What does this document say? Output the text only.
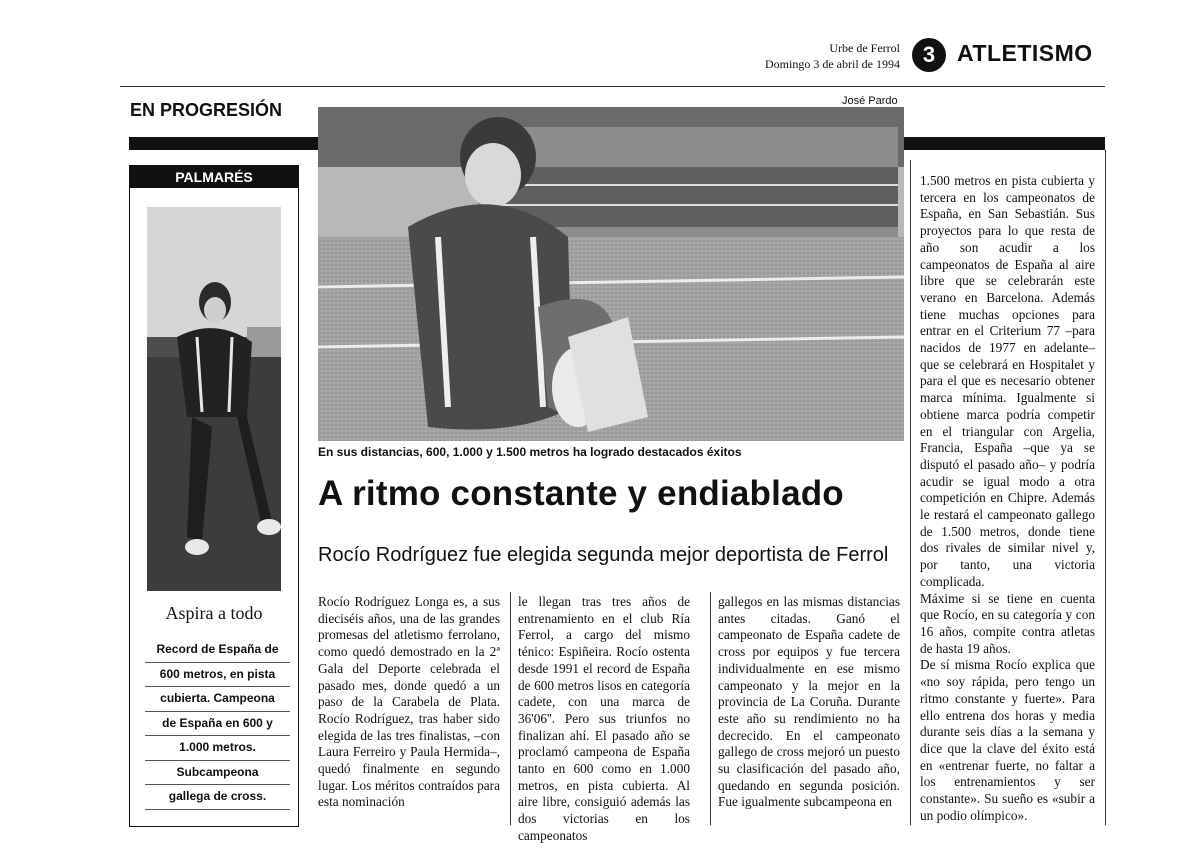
Urbe de Ferrol
Domingo 3 de abril de 1994	3 ATLETISMO
EN PROGRESIÓN	José Pardo
En sus distancias, 600, 1.000 y 1.500 metros ha logrado destacados éxitos
PALMARÉS
Aspira a todo
Record de España de
600 metros, en pista
cubierta. Campeona
de España en 600 y
1.000 metros.
Subcampeona
gallega de cross.
A ritmo constante y endiablado
Rocío Rodríguez fue elegida segunda mejor deportista de Ferrol

Rocío Rodríguez Longa es, a sus dieciséis años, una de las grandes promesas del atletismo ferrolano, como quedó demostrado en la 2ª Gala del Deporte celebrada el pasado mes, donde quedó a un paso de la Carabela de Plata. Rocío Rodríguez, tras haber sido elegida de las tres finalistas, –con Laura Ferreiro y Paula Hermida–, quedó finalmente en segundo lugar. Los méritos contraídos para esta nominación

le llegan tras tres años de entrenamiento en el club Ría Ferrol, a cargo del mismo ténico: Espiñeira. Rocío ostenta desde 1991 el record de España de 600 metros lisos en categoría cadete, con una marca de 36'06''. Pero sus triunfos no finalizan ahí. El pasado año se proclamó campeona de España tanto en 600 como en 1.000 metros, en pista cubierta. Al aire libre, consiguió además las dos victorias en los campeonatos

gallegos en las mismas distancias antes citadas. Ganó el campeonato de España cadete de cross por equipos y fue tercera individualmente en ese mismo campeonato y la mejor en la provincia de La Coruña. Durante este año su rendimiento no ha decrecido. En el campeonato gallego de cross mejoró un puesto su clasificación del pasado año, quedando en segunda posición. Fue igualmente subcampeona en

1.500 metros en pista cubierta y tercera en los campeonatos de España, en San Sebastián. Sus proyectos para lo que resta de año son acudir a los campeonatos de España al aire libre que se celebrarán este verano en Barcelona. Además tiene muchas opciones para entrar en el Criterium 77 –para nacidos de 1977 en adelante– que se celebrará en Hospitalet y para el que es necesario obtener marca mínima. Igualmente si obtiene marca podría competir en el triangular con Argelia, Francia, España –que ya se disputó el pasado año– y podría acudir se igual modo a otra competición en Chipre. Además le restará el campeonato gallego de 1.500 metros, donde tiene dos rivales de similar nivel y, por tanto, una victoria complicada.

Máxime si se tiene en cuenta que Rocío, en su categoría y con 16 años, compite contra atletas de hasta 19 años.

De sí misma Rocío explica que «no soy rápida, pero tengo un ritmo constante y fuerte». Para ello entrena dos horas y media durante seis días a la semana y dice que la clave del éxito está en «entrenar fuerte, no faltar a los entrenamientos y ser constante». Su sueño es «subir a un podio olímpico».
